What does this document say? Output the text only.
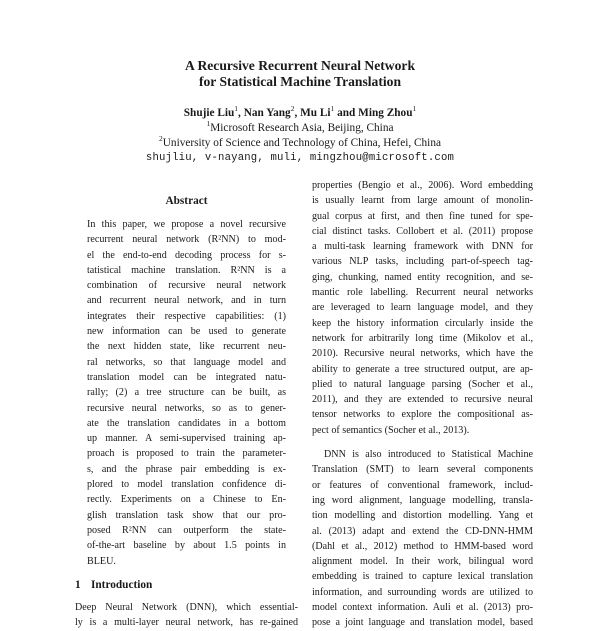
A Recursive Recurrent Neural Network
for Statistical Machine Translation
Shujie Liu$^1$, Nan Yang$^2$, Mu Li$^1$ and Ming Zhou$^1$
$^1$Microsoft Research Asia, Beijing, China
$^2$University of Science and Technology of China, Hefei, China
shujliu, v-nayang, muli, mingzhou@microsoft.com
Abstract
In this paper, we propose a novel recursive
recurrent neural network (R²NN) to mod-
el the end-to-end decoding process for s-
tatistical machine translation. R²NN is a
combination of recursive neural network
and recurrent neural network, and in turn
integrates their respective capabilities: (1)
new information can be used to generate
the next hidden state, like recurrent neu-
ral networks, so that language model and
translation model can be integrated natu-
rally; (2) a tree structure can be built, as
recursive neural networks, so as to gener-
ate the translation candidates in a bottom
up manner. A semi-supervised training ap-
proach is proposed to train the parameter-
s, and the phrase pair embedding is ex-
plored to model translation confidence di-
rectly. Experiments on a Chinese to En-
glish translation task show that our pro-
posed R²NN can outperform the state-
of-the-art baseline by about 1.5 points in
BLEU.
1 Introduction
Deep Neural Network (DNN), which essential-
ly is a multi-layer neural network, has re-gained
properties (Bengio et al., 2006). Word embedding
is usually learnt from large amount of monolin-
gual corpus at first, and then fine tuned for spe-
cial distinct tasks. Collobert et al. (2011) propose
a multi-task learning framework with DNN for
various NLP tasks, including part-of-speech tag-
ging, chunking, named entity recognition, and se-
mantic role labelling. Recurrent neural networks
are leveraged to learn language model, and they
keep the history information circularly inside the
network for arbitrarily long time (Mikolov et al.,
2010). Recursive neural networks, which have the
ability to generate a tree structured output, are ap-
plied to natural language parsing (Socher et al.,
2011), and they are extended to recursive neural
tensor networks to explore the compositional as-
pect of semantics (Socher et al., 2013).
DNN is also introduced to Statistical Machine
Translation (SMT) to learn several components
or features of conventional framework, includ-
ing word alignment, language modelling, transla-
tion modelling and distortion modelling. Yang et
al. (2013) adapt and extend the CD-DNN-HMM
(Dahl et al., 2012) method to HMM-based word
alignment model. In their work, bilingual word
embedding is trained to capture lexical translation
information, and surrounding words are utilized to
model context information. Auli et al. (2013) pro-
pose a joint language and translation model, based
